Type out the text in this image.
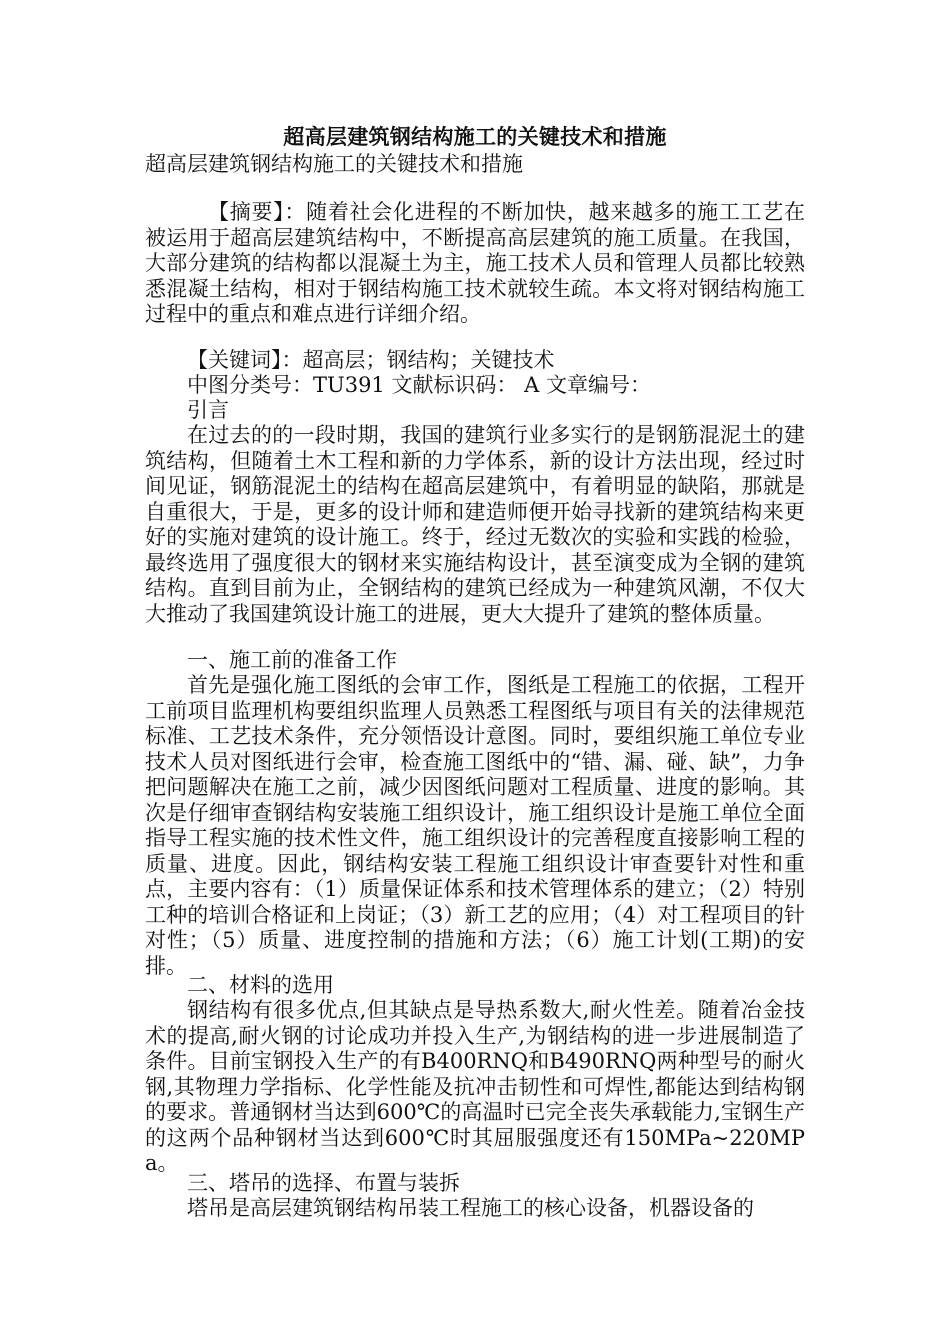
超高层建筑钢结构施工的关键技术和措施
超高层建筑钢结构施工的关键技术和措施
【摘要】：随着社会化进程的不断加快，越来越多的施工工艺在被运用于超高层建筑结构中，不断提高高层建筑的施工质量。在我国，大部分建筑的结构都以混凝土为主，施工技术人员和管理人员都比较熟悉混凝土结构，相对于钢结构施工技术就较生疏。本文将对钢结构施工过程中的重点和难点进行详细介绍。
【关键词】：超高层；钢结构；关键技术
中图分类号：TU391 文献标识码： A 文章编号：
引言
在过去的的一段时期，我国的建筑行业多实行的是钢筋混泥土的建筑结构，但随着土木工程和新的力学体系，新的设计方法出现，经过时间见证，钢筋混泥土的结构在超高层建筑中，有着明显的缺陷，那就是自重很大，于是，更多的设计师和建造师便开始寻找新的建筑结构来更好的实施对建筑的设计施工。终于，经过无数次的实验和实践的检验，最终选用了强度很大的钢材来实施结构设计，甚至演变成为全钢的建筑结构。直到目前为止，全钢结构的建筑已经成为一种建筑风潮，不仅大大推动了我国建筑设计施工的进展，更大大提升了建筑的整体质量。
一、施工前的准备工作
首先是强化施工图纸的会审工作，图纸是工程施工的依据，工程开工前项目监理机构要组织监理人员熟悉工程图纸与项目有关的法律规范标准、工艺技术条件，充分领悟设计意图。同时，要组织施工单位专业技术人员对图纸进行会审，检查施工图纸中的“错、漏、碰、缺”，力争把问题解决在施工之前，减少因图纸问题对工程质量、进度的影响。其次是仔细审查钢结构安装施工组织设计，施工组织设计是施工单位全面指导工程实施的技术性文件，施工组织设计的完善程度直接影响工程的质量、进度。因此，钢结构安装工程施工组织设计审查要针对性和重点，主要内容有：（1）质量保证体系和技术管理体系的建立；（2）特别工种的培训合格证和上岗证；（3）新工艺的应用；（4）对工程项目的针对性；（5）质量、进度控制的措施和方法；（6）施工计划(工期)的安排。
二、材料的选用
钢结构有很多优点,但其缺点是导热系数大,耐火性差。随着冶金技术的提高,耐火钢的讨论成功并投入生产,为钢结构的进一步进展制造了条件。目前宝钢投入生产的有B400RNQ和B490RNQ两种型号的耐火钢,其物理力学指标、化学性能及抗冲击韧性和可焊性,都能达到结构钢的要求。普通钢材当达到600℃的高温时已完全丧失承载能力,宝钢生产的这两个品种钢材当达到600℃时其屈服强度还有150MPa~220MPa。
三、塔吊的选择、布置与装拆
塔吊是高层建筑钢结构吊装工程施工的核心设备，机器设备的
